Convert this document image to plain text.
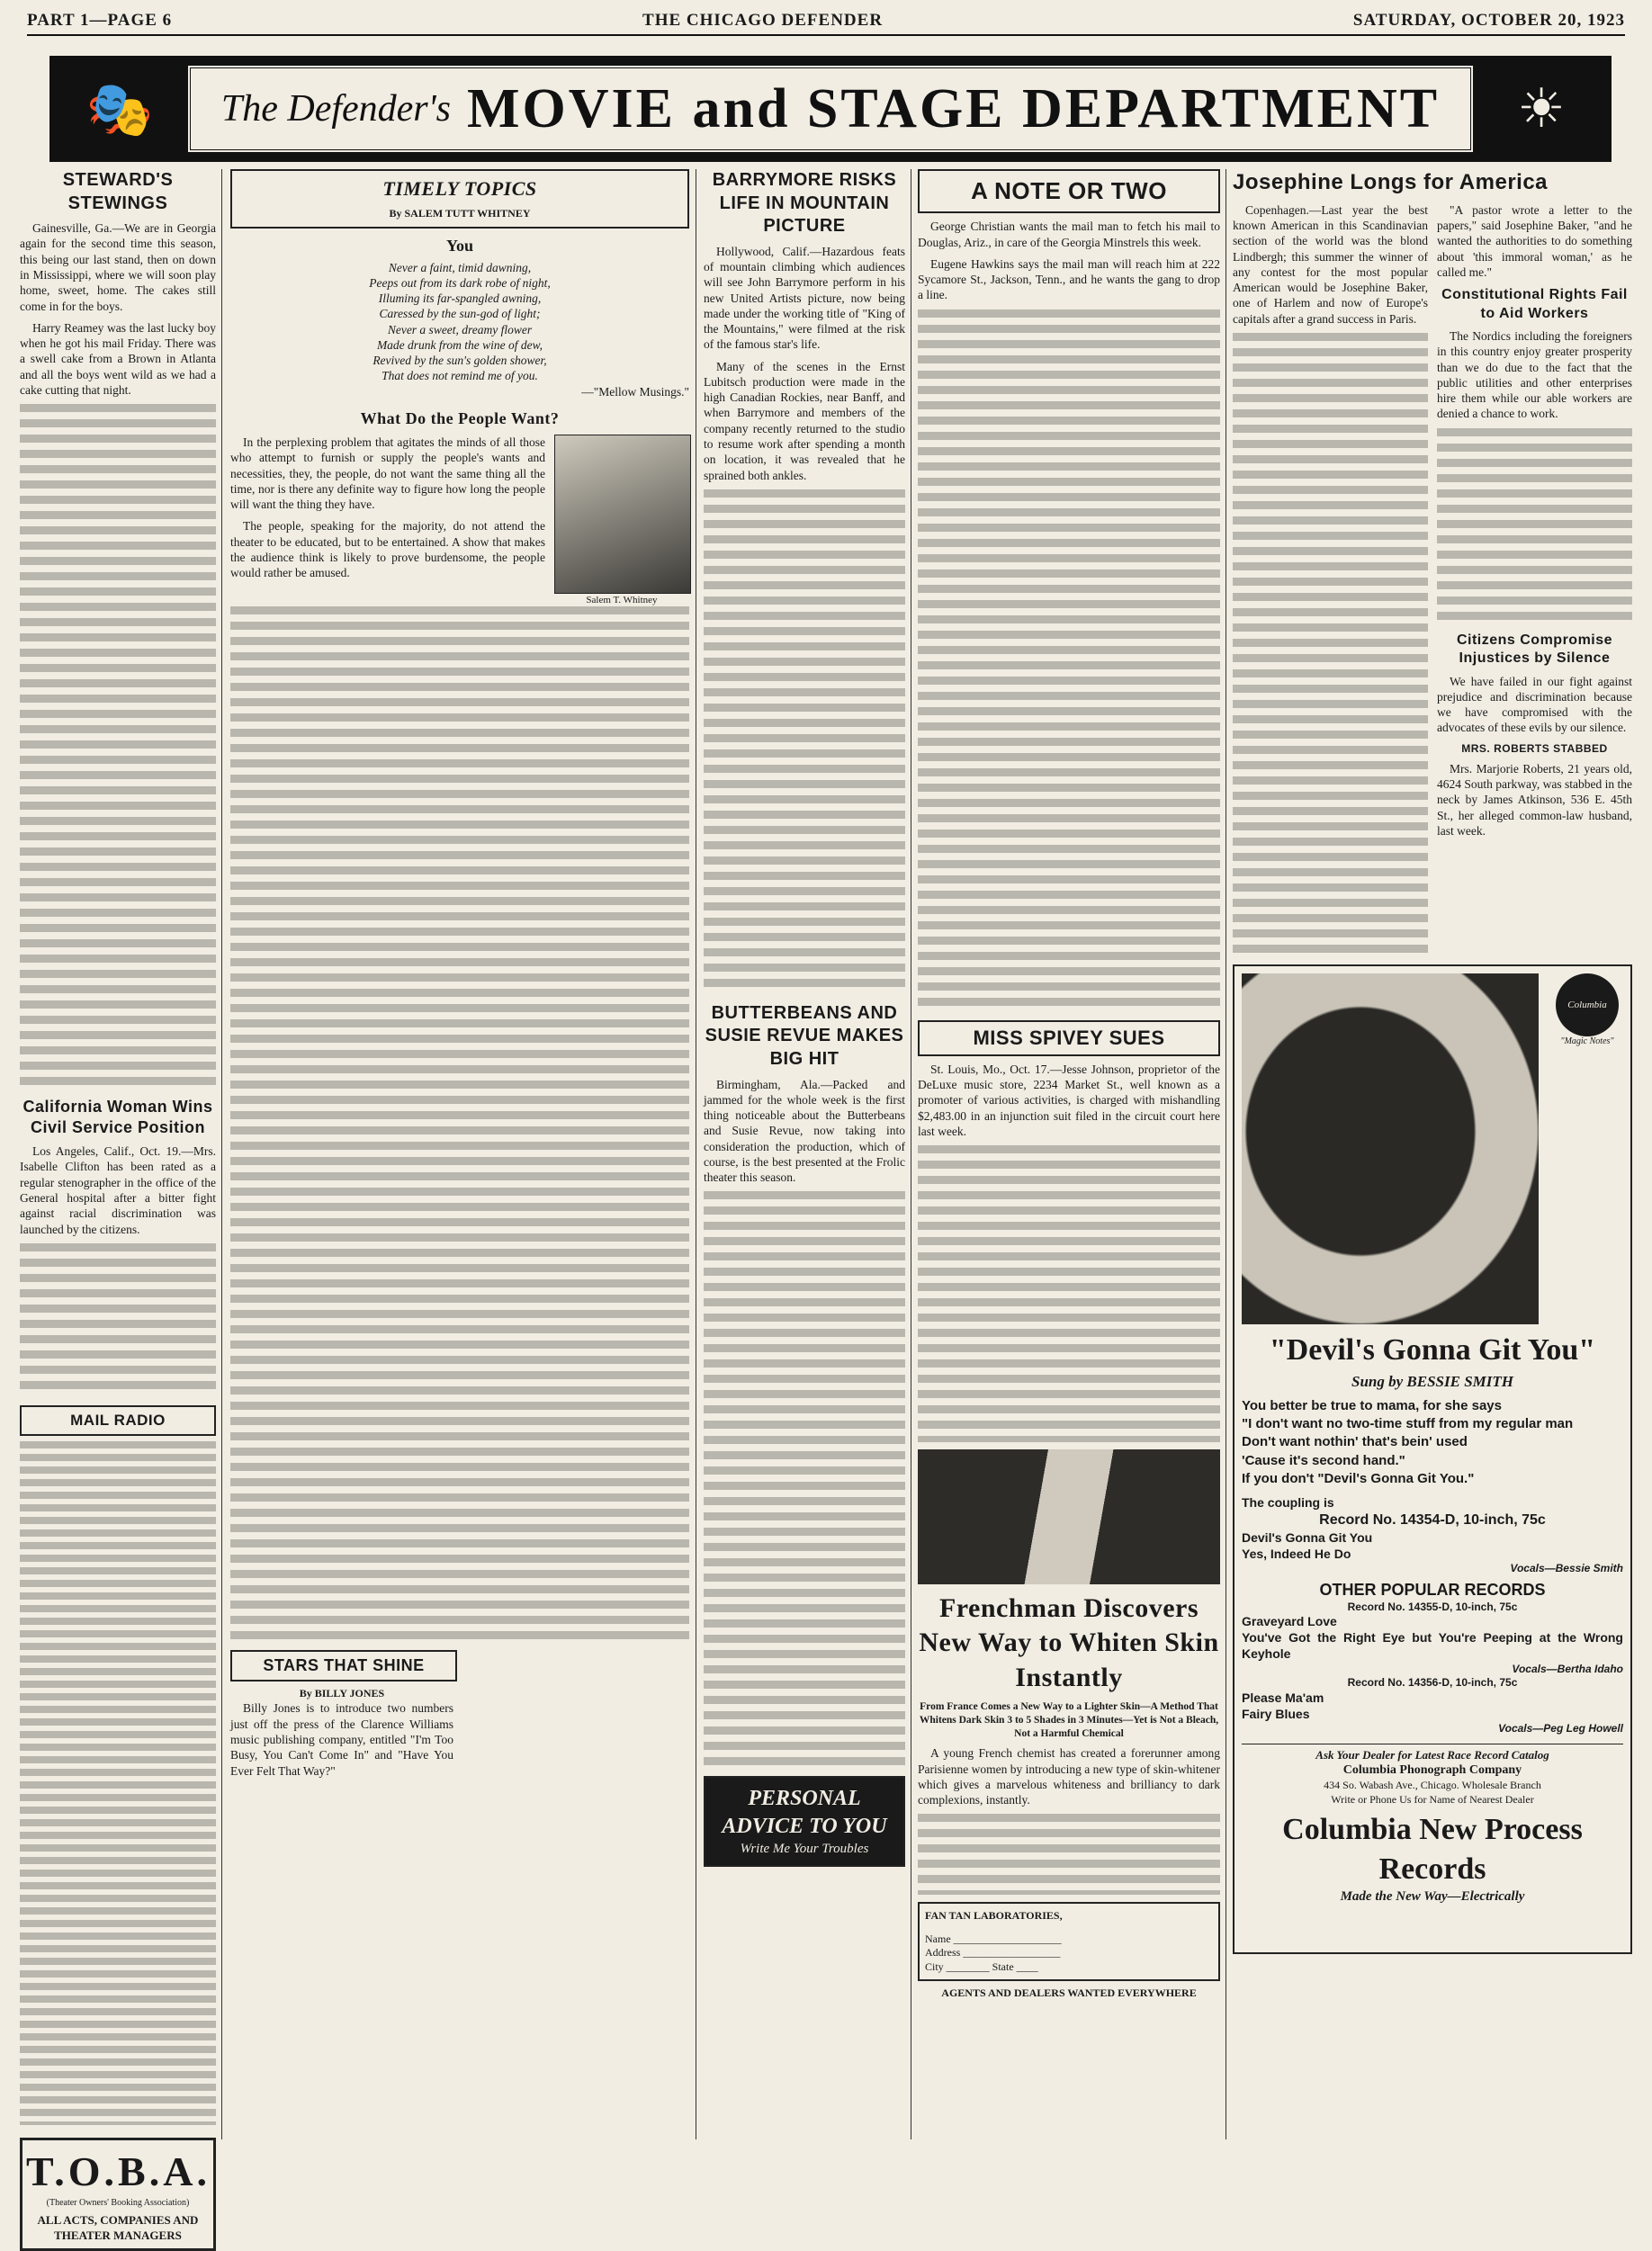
PART 1—PAGE 6	THE CHICAGO DEFENDER	SATURDAY, OCTOBER 20, 1923
🎭	The Defender's MOVIE and STAGE DEPARTMENT	☀
STEWARD'S STEWINGS

Gainesville, Ga.—We are in Georgia again for the second time this season, this being our last stand, then on down in Mississippi, where we will soon play home, sweet, home. The cakes still come in for the boys.

Harry Reamey was the last lucky boy when he got his mail Friday. There was a swell cake from a Brown in Atlanta and all the boys went wild as we had a cake cutting that night.

California Woman Wins Civil Service Position

Los Angeles, Calif., Oct. 19.—Mrs. Isabelle Clifton has been rated as a regular stenographer in the office of the General hospital after a bitter fight against racial discrimination was launched by the citizens.

MAIL RADIO
T.O.B.A.
(Theater Owners' Booking Association)
ALL ACTS, COMPANIES AND THEATER MANAGERS
TIMELY TOPICS
By SALEM TUTT WHITNEY
You
Never a faint, timid dawning,
Peeps out from its dark robe of night,
Illuming its far-spangled awning,
Caressed by the sun-god of light;
Never a sweet, dreamy flower
Made drunk from the wine of dew,
Revived by the sun's golden shower,
That does not remind me of you.
—"Mellow Musings."
What Do the People Want?

In the perplexing problem that agitates the minds of all those who attempt to furnish or supply the people's wants and necessities, they, the people, do not want the same thing all the time, nor is there any definite way to figure how long the people will want the thing they have.

The people, speaking for the majority, do not attend the theater to be educated, but to be entertained. A show that makes the audience think is likely to prove burdensome, the people would rather be amused.

Salem T. Whitney
STARS THAT SHINE
By BILLY JONES

Billy Jones is to introduce two numbers just off the press of the Clarence Williams music publishing company, entitled "I'm Too Busy, You Can't Come In" and "Have You Ever Felt That Way?"

BARRYMORE RISKS LIFE IN MOUNTAIN PICTURE

Hollywood, Calif.—Hazardous feats of mountain climbing which audiences will see John Barrymore perform in his new United Artists picture, now being made under the working title of "King of the Mountains," were filmed at the risk of the famous star's life.

Many of the scenes in the Ernst Lubitsch production were made in the high Canadian Rockies, near Banff, and when Barrymore and members of the company recently returned to the studio to resume work after spending a month on location, it was revealed that he sprained both ankles.

BUTTERBEANS AND SUSIE REVUE MAKES BIG HIT

Birmingham, Ala.—Packed and jammed for the whole week is the first thing noticeable about the Butterbeans and Susie Revue, now taking into consideration the production, which of course, is the best presented at the Frolic theater this season.

PERSONAL ADVICE TO YOU
Write Me Your Troubles
A NOTE OR TWO

George Christian wants the mail man to fetch his mail to Douglas, Ariz., in care of the Georgia Minstrels this week.

Eugene Hawkins says the mail man will reach him at 222 Sycamore St., Jackson, Tenn., and he wants the gang to drop a line.

MISS SPIVEY SUES

St. Louis, Mo., Oct. 17.—Jesse Johnson, proprietor of the DeLuxe music store, 2234 Market St., well known as a promoter of various activities, is charged with mishandling $2,483.00 in an injunction suit filed in the circuit court here last week.

Frenchman Discovers New Way to Whiten Skin Instantly
From France Comes a New Way to a Lighter Skin—A Method That Whitens Dark Skin 3 to 5 Shades in 3 Minutes—Yet is Not a Bleach, Not a Harmful Chemical

A young French chemist has created a forerunner among Parisienne women by introducing a new type of skin-whitener which gives a marvelous whiteness and brilliancy to dark complexions, instantly.

FAN TAN LABORATORIES,
Name ____________________
Address __________________
City ________ State ____
AGENTS AND DEALERS WANTED EVERYWHERE
Josephine Longs for America

Copenhagen.—Last year the best known American in this Scandinavian section of the world was the blond Lindbergh; this summer the winner of any contest for the most popular American would be Josephine Baker, one of Harlem and now of Europe's capitals after a grand success in Paris.

"A pastor wrote a letter to the papers," said Josephine Baker, "and he wanted the authorities to do something about 'this immoral woman,' as he called me."

Constitutional Rights Fail to Aid Workers

The Nordics including the foreigners in this country enjoy greater prosperity than we do due to the fact that the public utilities and other enterprises hire them while our able workers are denied a chance to work.

Citizens Compromise Injustices by Silence

We have failed in our fight against prejudice and discrimination because we have compromised with the advocates of these evils by our silence.

MRS. ROBERTS STABBED

Mrs. Marjorie Roberts, 21 years old, 4624 South parkway, was stabbed in the neck by James Atkinson, 536 E. 45th St., her alleged common-law husband, last week.

Columbia
"Magic Notes"
"Devil's Gonna Git You"
Sung by BESSIE SMITH
You better be true to mama, for she says
"I don't want no two-time stuff from my regular man
Don't want nothin' that's bein' used
'Cause it's second hand."
If you don't "Devil's Gonna Git You."
The coupling is
Record No. 14354-D, 10-inch, 75c
Devil's Gonna Git You
Yes, Indeed He Do
Vocals—Bessie Smith
OTHER POPULAR RECORDS
Record No. 14355-D, 10-inch, 75c
Graveyard Love
You've Got the Right Eye but You're Peeping at the Wrong Keyhole
Vocals—Bertha Idaho
Record No. 14356-D, 10-inch, 75c
Please Ma'am
Fairy Blues
Vocals—Peg Leg Howell
Ask Your Dealer for Latest Race Record Catalog
Columbia Phonograph Company
434 So. Wabash Ave., Chicago. Wholesale Branch
Write or Phone Us for Name of Nearest Dealer
Columbia New Process Records
Made the New Way—Electrically
